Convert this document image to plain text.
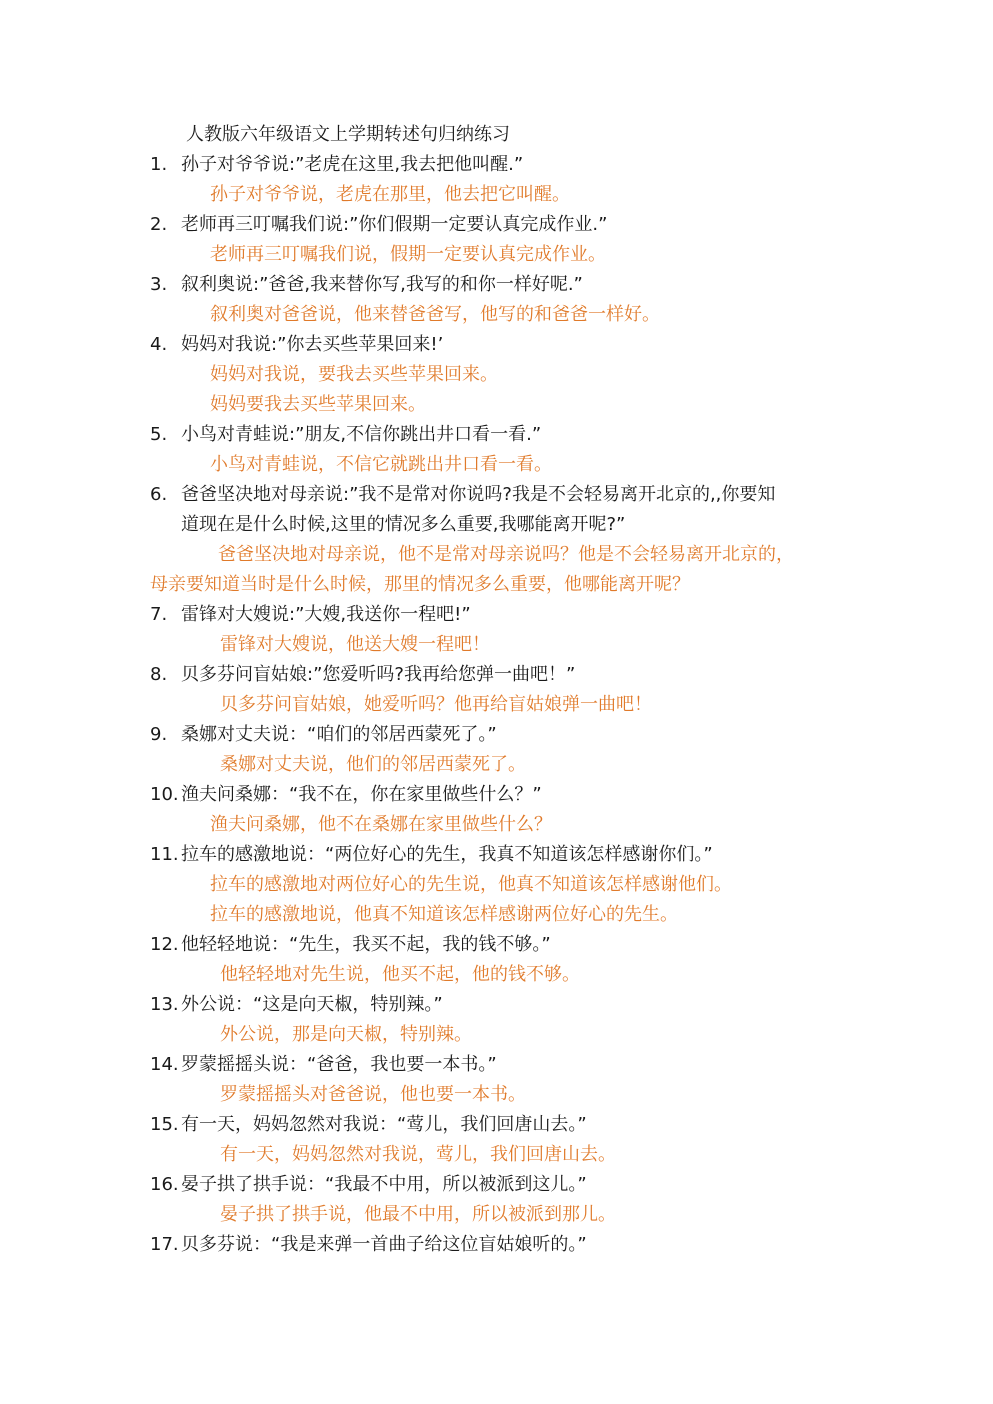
人教版六年级语文上学期转述句归纳练习
1. 孙子对爷爷说:”老虎在这里,我去把他叫醒.”
孙子对爷爷说，老虎在那里，他去把它叫醒。
2. 老师再三叮嘱我们说:”你们假期一定要认真完成作业.”
老师再三叮嘱我们说，假期一定要认真完成作业。
3. 叙利奥说:”爸爸,我来替你写,我写的和你一样好呢.”
叙利奥对爸爸说，他来替爸爸写，他写的和爸爸一样好。
4. 妈妈对我说:”你去买些苹果回来!’
妈妈对我说，要我去买些苹果回来。
妈妈要我去买些苹果回来。
5. 小鸟对青蛙说:”朋友,不信你跳出井口看一看.”
小鸟对青蛙说，不信它就跳出井口看一看。
6. 爸爸坚决地对母亲说:”我不是常对你说吗?我是不会轻易离开北京的,,你要知
道现在是什么时候,这里的情况多么重要,我哪能离开呢?”
爸爸坚决地对母亲说，他不是常对母亲说吗？他是不会轻易离开北京的，
母亲要知道当时是什么时候，那里的情况多么重要，他哪能离开呢？
7. 雷锋对大嫂说:”大嫂,我送你一程吧!”
雷锋对大嫂说，他送大嫂一程吧！
8. 贝多芬问盲姑娘:”您爱听吗?我再给您弹一曲吧！”
贝多芬问盲姑娘，她爱听吗？他再给盲姑娘弹一曲吧！
9. 桑娜对丈夫说：“咱们的邻居西蒙死了。”
桑娜对丈夫说，他们的邻居西蒙死了。
10. 渔夫问桑娜：“我不在，你在家里做些什么？”
渔夫问桑娜，他不在桑娜在家里做些什么？
11. 拉车的感激地说：“两位好心的先生，我真不知道该怎样感谢你们。”
拉车的感激地对两位好心的先生说，他真不知道该怎样感谢他们。
拉车的感激地说，他真不知道该怎样感谢两位好心的先生。
12. 他轻轻地说：“先生，我买不起，我的钱不够。”
他轻轻地对先生说，他买不起，他的钱不够。
13. 外公说：“这是向天椒，特别辣。”
外公说，那是向天椒，特别辣。
14. 罗蒙摇摇头说：“爸爸，我也要一本书。”
罗蒙摇摇头对爸爸说，他也要一本书。
15. 有一天，妈妈忽然对我说：“莺儿，我们回唐山去。”
有一天，妈妈忽然对我说，莺儿，我们回唐山去。
16. 晏子拱了拱手说：“我最不中用，所以被派到这儿。”
晏子拱了拱手说，他最不中用，所以被派到那儿。
17. 贝多芬说：“我是来弹一首曲子给这位盲姑娘听的。”
